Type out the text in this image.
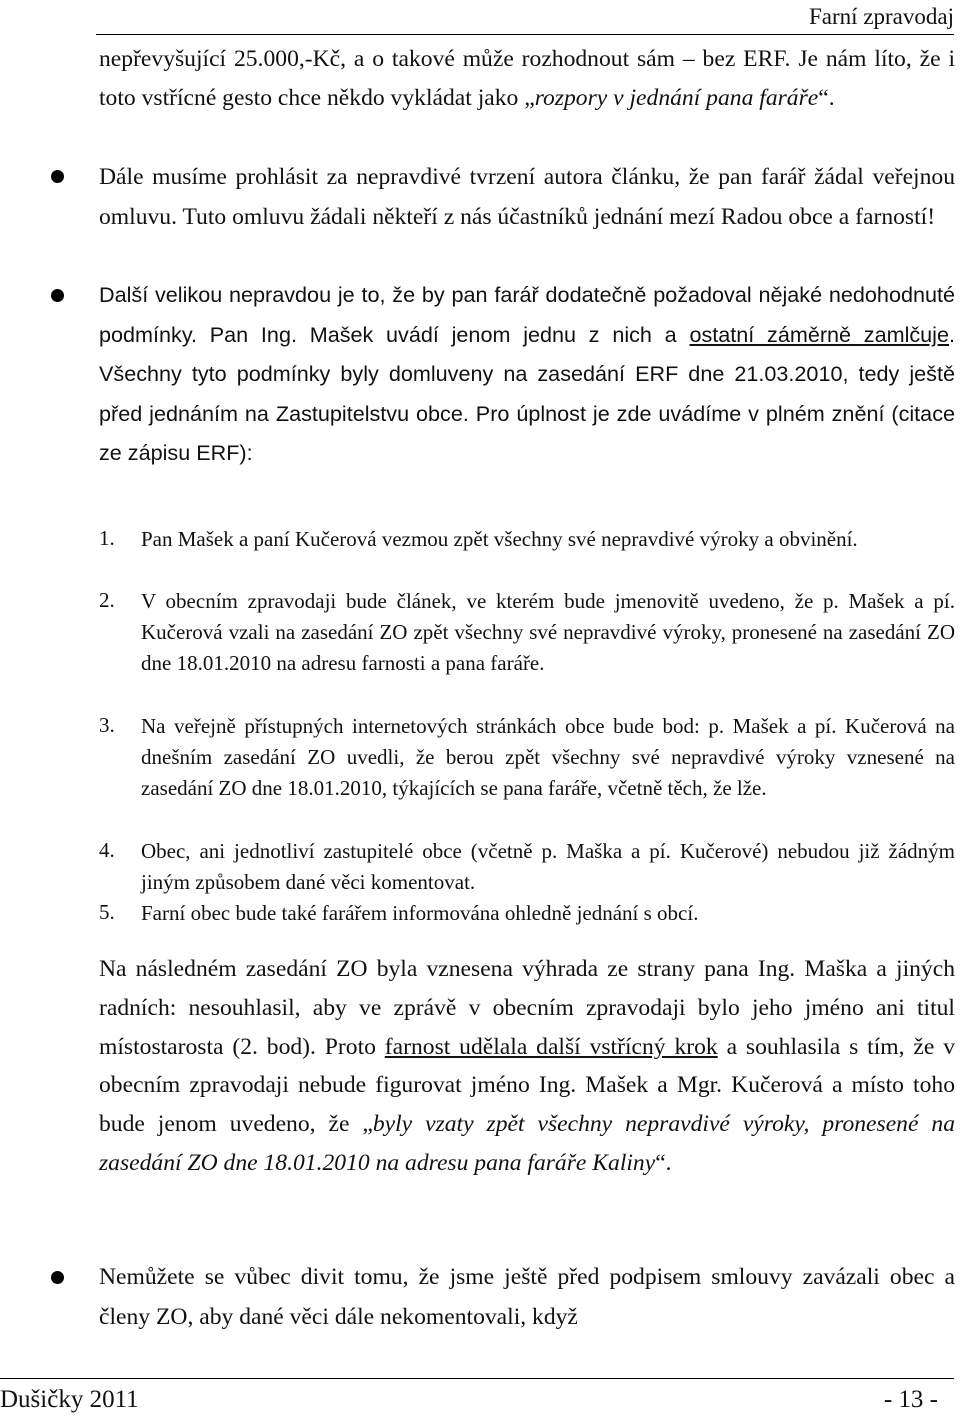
Farní zpravodaj

nepřevyšující 25.000,-Kč, a o takové může rozhodnout sám – bez ERF. Je nám líto, že i toto vstřícné gesto chce někdo vykládat jako „rozpory v jednání pana faráře“.

Dále musíme prohlásit za nepravdivé tvrzení autora článku, že pan farář žádal veřejnou omluvu. Tuto omluvu žádali někteří z nás účastníků jednání mezí Radou obce a farností!

Další velikou nepravdou je to, že by pan farář dodatečně požadoval nějaké nedohodnuté podmínky. Pan Ing. Mašek uvádí jenom jednu z nich a ostatní záměrně zamlčuje. Všechny tyto podmínky byly domluveny na zasedání ERF dne 21.03.2010, tedy ještě před jednáním na Zastupitelstvu obce. Pro úplnost je zde uvádíme v plném znění (citace ze zápisu ERF):

1. Pan Mašek a paní Kučerová vezmou zpět všechny své nepravdivé výroky a obvinění.

2. V obecním zpravodaji bude článek, ve kterém bude jmenovitě uvedeno, že p. Mašek a pí. Kučerová vzali na zasedání ZO zpět všechny své nepravdivé výroky, pronesené na zasedání ZO dne 18.01.2010 na adresu farnosti a pana faráře.

3. Na veřejně přístupných internetových stránkách obce bude bod: p. Mašek a pí. Kučerová na dnešním zasedání ZO uvedli, že berou zpět všechny své nepravdivé výroky vznesené na zasedání ZO dne 18.01.2010, týkajících se pana faráře, včetně těch, že lže.

4. Obec, ani jednotliví zastupitelé obce (včetně p. Maška a pí. Kučerové) nebudou již žádným jiným způsobem dané věci komentovat.

5. Farní obec bude také farářem informována ohledně jednání s obcí.

Na následném zasedání ZO byla vznesena výhrada ze strany pana Ing. Maška a jiných radních: nesouhlasil, aby ve zprávě v obecním zpravodaji bylo jeho jméno ani titul místostarosta (2. bod). Proto farnost udělala další vstřícný krok a souhlasila s tím, že v obecním zpravodaji nebude figurovat jméno Ing. Mašek a Mgr. Kučerová a místo toho bude jenom uvedeno, že „byly vzaty zpět všechny nepravdivé výroky, pronesené na zasedání ZO dne 18.01.2010 na adresu pana faráře Kaliny“.

Nemůžete se vůbec divit tomu, že jsme ještě před podpisem smlouvy zavázali obec a členy ZO, aby dané věci dále nekomentovali, když

Dušičky 2011	- 13 -
